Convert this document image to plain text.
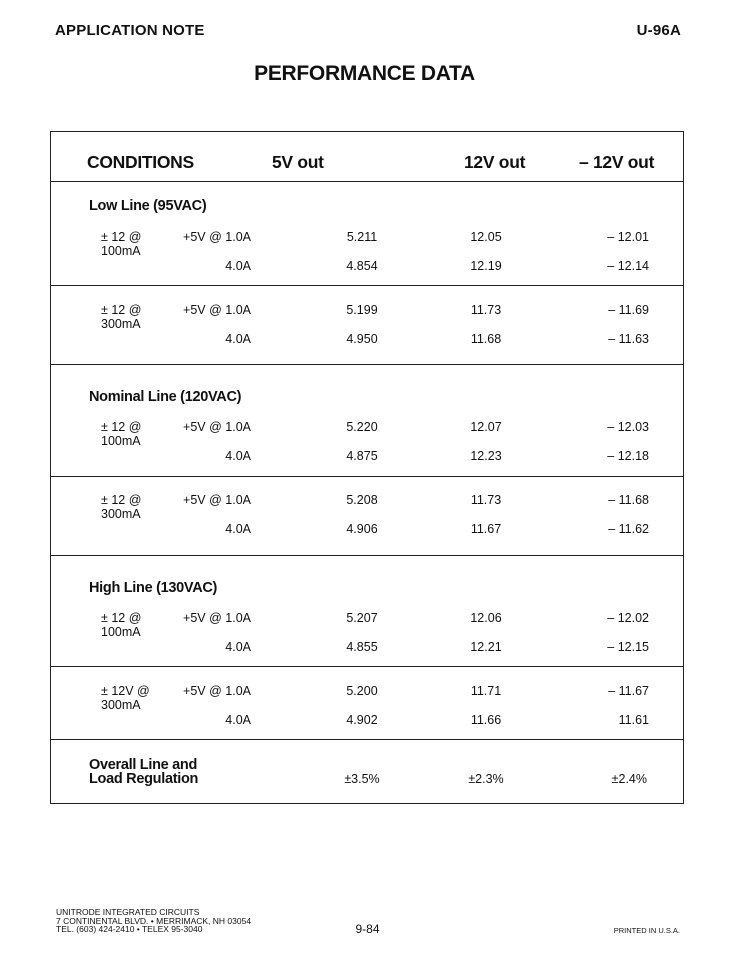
APPLICATION NOTE	U-96A
PERFORMANCE DATA
CONDITIONS	5V out	12V out	– 12V out
Low Line (95VAC)
± 12 @
100mA
+5V @ 1.0A	5.211	12.05	– 12.01
4.0A	4.854	12.19	– 12.14
± 12 @
300mA
+5V @ 1.0A	5.199	11.73	– 11.69
4.0A	4.950	11.68	– 11.63
Nominal Line (120VAC)
± 12 @
100mA
+5V @ 1.0A	5.220	12.07	– 12.03
4.0A	4.875	12.23	– 12.18
± 12 @
300mA
+5V @ 1.0A	5.208	11.73	– 11.68
4.0A	4.906	11.67	– 11.62
High Line (130VAC)
± 12 @
100mA
+5V @ 1.0A	5.207	12.06	– 12.02
4.0A	4.855	12.21	– 12.15
± 12V @
300mA
+5V @ 1.0A	5.200	11.71	– 11.67
4.0A	4.902	11.66	11.61
Overall Line and
Load Regulation	±3.5%	±2.3%	±2.4%
UNITRODE INTEGRATED CIRCUITS
7 CONTINENTAL BLVD. • MERRIMACK, NH 03054
TEL. (603) 424-2410 • TELEX 95-3040	9-84	PRINTED IN U.S.A.
